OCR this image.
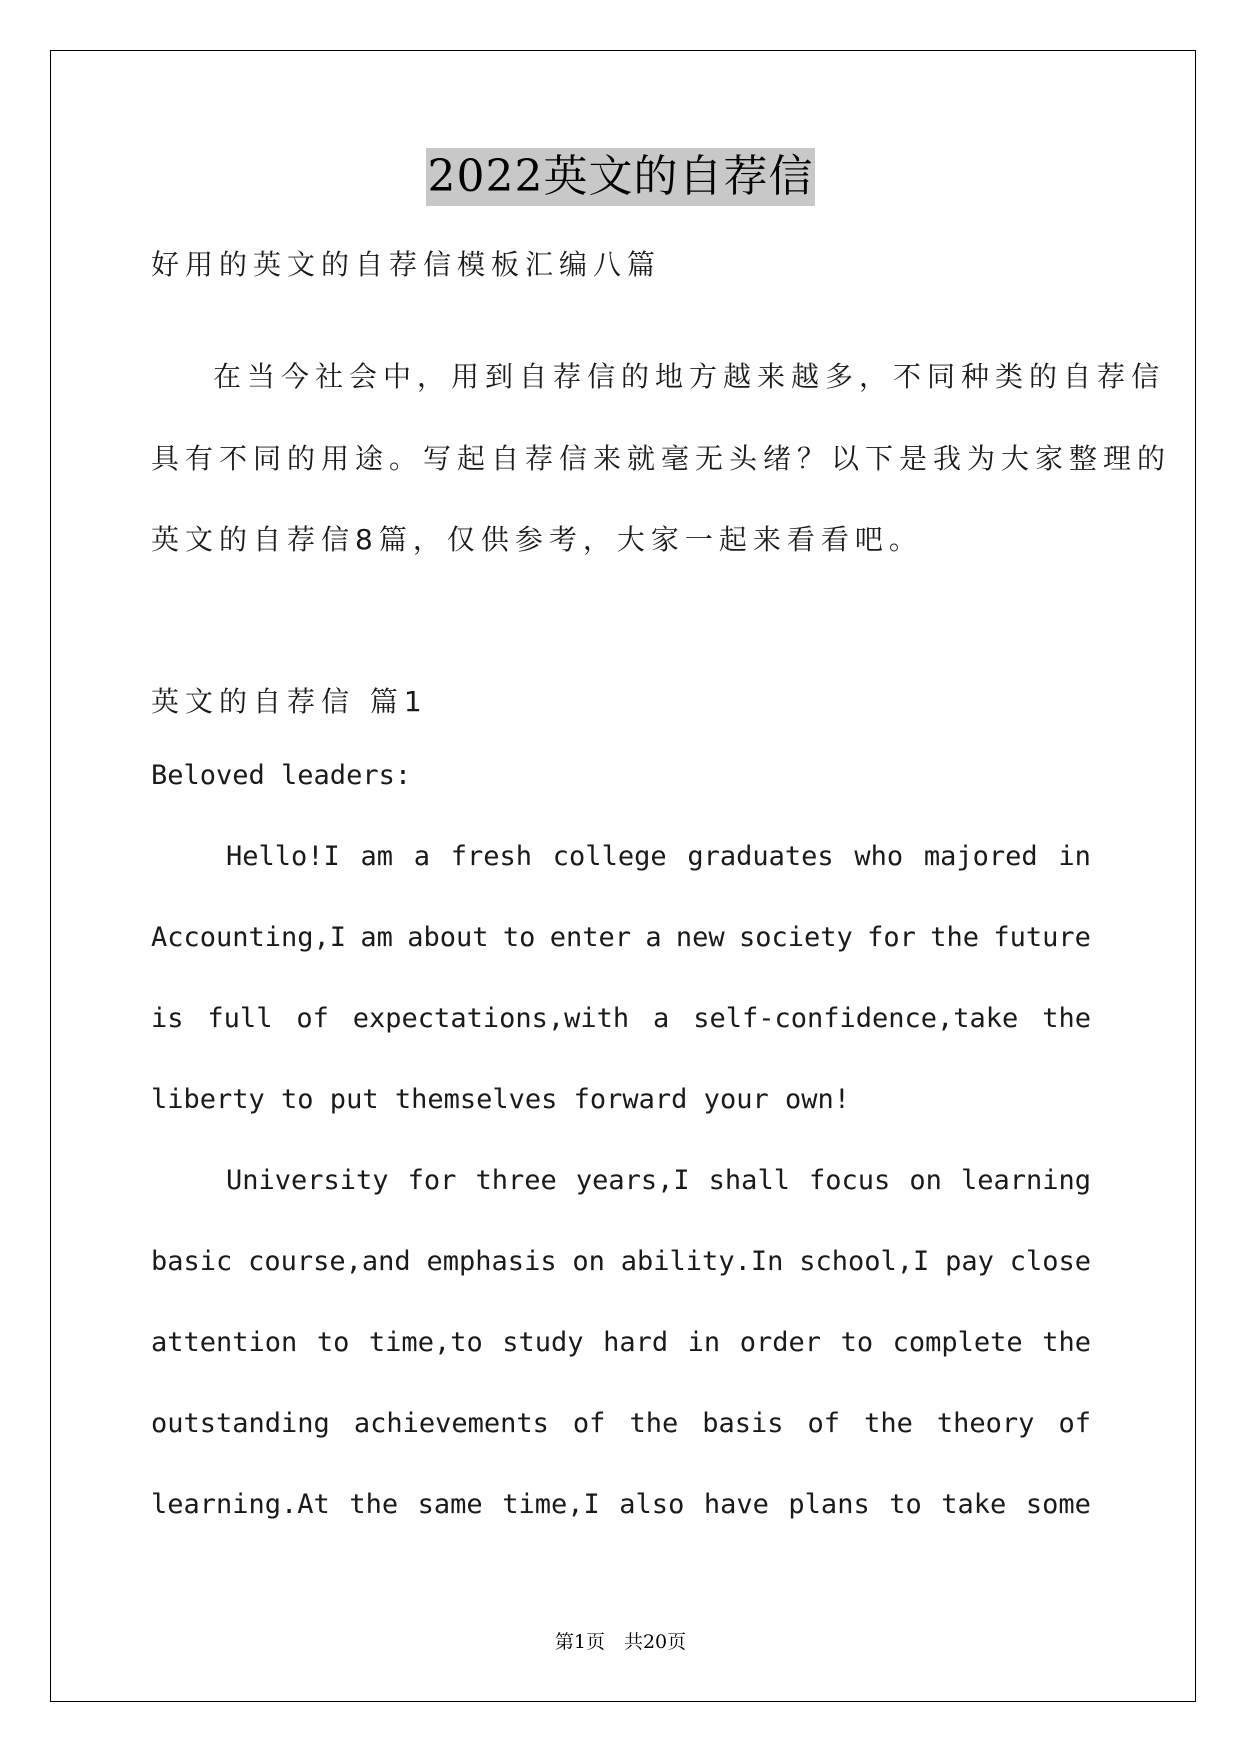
2022英文的自荐信
好用的英文的自荐信模板汇编八篇
在当今社会中，用到自荐信的地方越来越多，不同种类的自荐信
具有不同的用途。写起自荐信来就毫无头绪？以下是我为大家整理的
英文的自荐信8篇，仅供参考，大家一起来看看吧。
英文的自荐信 篇1
Beloved leaders:
Hello!I am a fresh college graduates who majored in
Accounting,I am about to enter a new society for the future
is full of expectations,with a self-confidence,take the
liberty to put themselves forward your own!
University for three years,I shall focus on learning
basic course,and emphasis on ability.In school,I pay close
attention to time,to study hard in order to complete the
outstanding achievements of the basis of the theory of
learning.At the same time,I also have plans to take some
第1页　共20页
